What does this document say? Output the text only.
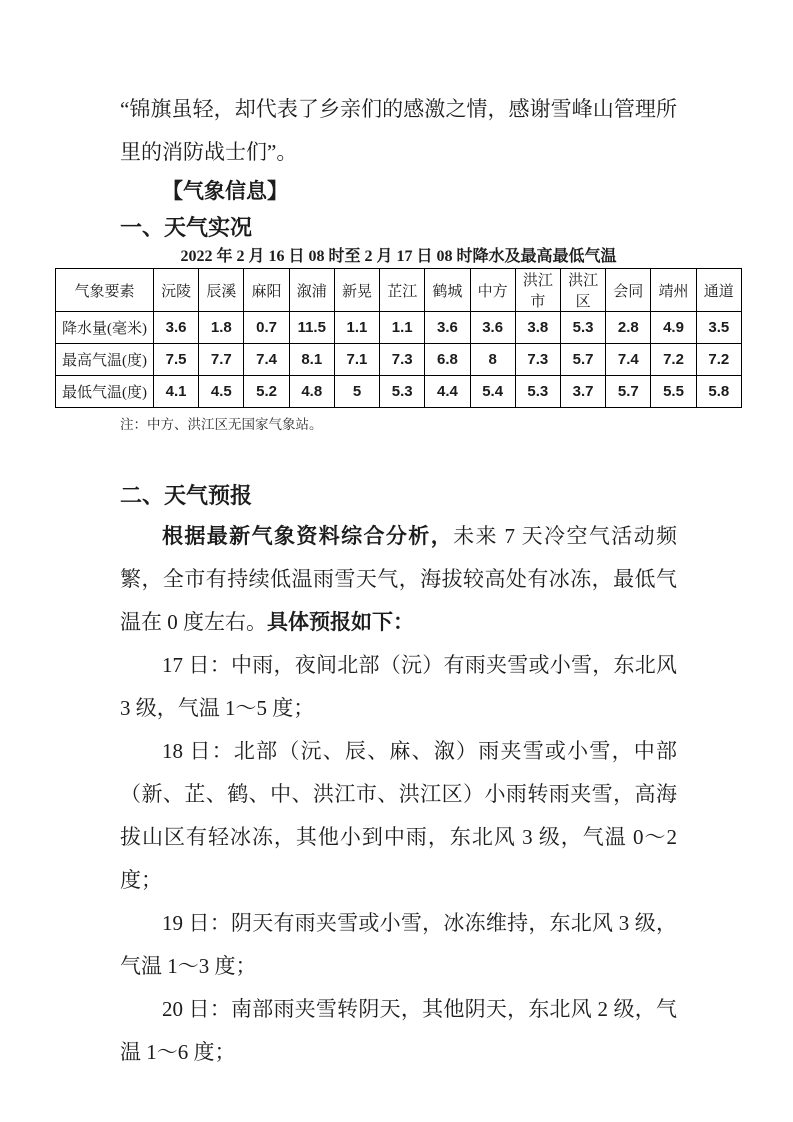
“锦旗虽轻，却代表了乡亲们的感激之情，感谢雪峰山管理所里的消防战士们”。

【气象信息】
一、天气实况
2022 年 2 月 16 日 08 时至 2 月 17 日 08 时降水及最高最低气温
气象要素	沅陵	辰溪	麻阳	溆浦	新晃	芷江	鹤城	中方	洪江市	洪江区	会同	靖州	通道
降水量(毫米)	3.6	1.8	0.7	11.5	1.1	1.1	3.6	3.6	3.8	5.3	2.8	4.9	3.5
最高气温(度)	7.5	7.7	7.4	8.1	7.1	7.3	6.8	8	7.3	5.7	7.4	7.2	7.2
最低气温(度)	4.1	4.5	5.2	4.8	5	5.3	4.4	5.4	5.3	3.7	5.7	5.5	5.8

注：中方、洪江区无国家气象站。

二、天气预报

根据最新气象资料综合分析，未来 7 天冷空气活动频繁，全市有持续低温雨雪天气，海拔较高处有冰冻，最低气温在 0 度左右。具体预报如下：

17 日：中雨，夜间北部（沅）有雨夹雪或小雪，东北风 3 级，气温 1～5 度；

18 日：北部（沅、辰、麻、溆）雨夹雪或小雪，中部（新、芷、鹤、中、洪江市、洪江区）小雨转雨夹雪，高海拔山区有轻冰冻，其他小到中雨，东北风 3 级，气温 0～2 度；

19 日：阴天有雨夹雪或小雪，冰冻维持，东北风 3 级，气温 1～3 度；

20 日：南部雨夹雪转阴天，其他阴天，东北风 2 级，气温 1～6 度；
